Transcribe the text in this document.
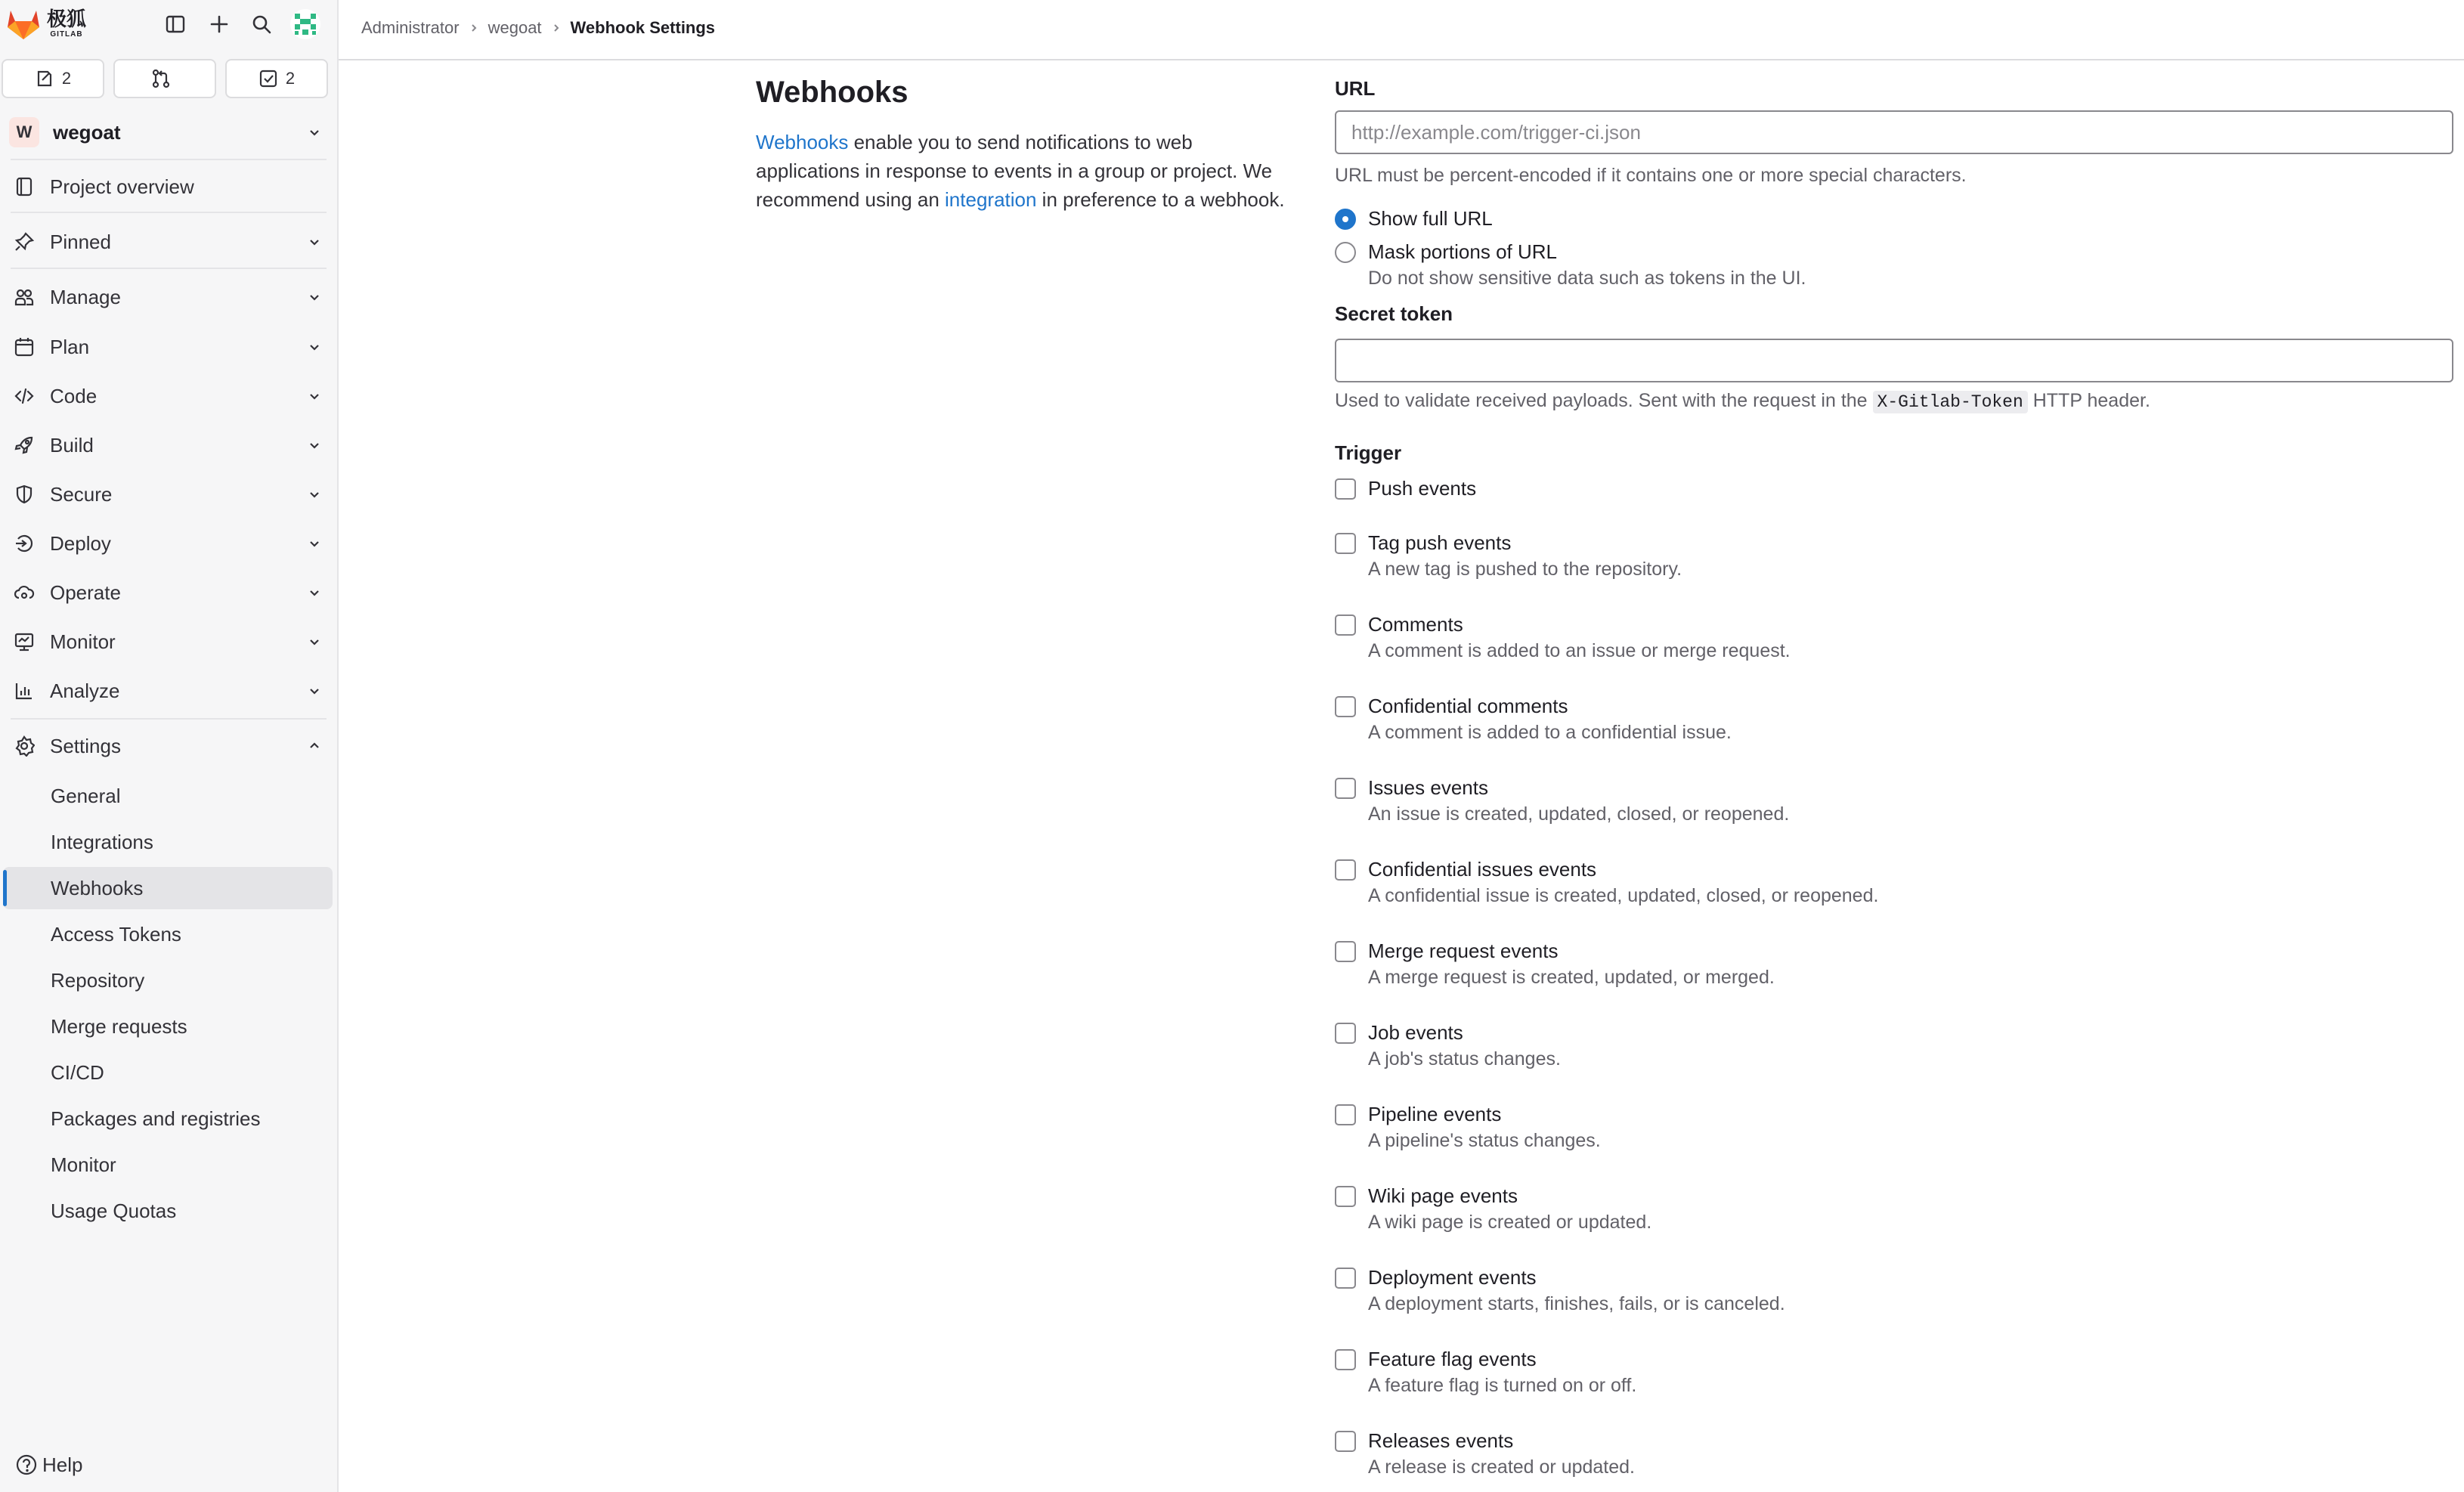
极狐
GITLAB
2	2
W	wegoat
Project overview
Pinned
Manage
Plan
Code
Build
Secure
Deploy
Operate
Monitor
Analyze
Settings
General
Integrations
Webhooks
Access Tokens
Repository
Merge requests
CI/CD
Packages and registries
Monitor
Usage Quotas
Help
Administrator wegoat Webhook Settings
Webhooks

Webhooks enable you to send notifications to web applications in response to events in a group or project. We recommend using an integration in preference to a webhook.

URL
http://example.com/trigger-ci.json
URL must be percent-encoded if it contains one or more special characters.
Show full URL
Mask portions of URL
Do not show sensitive data such as tokens in the UI.
Secret token
Used to validate received payloads. Sent with the request in the X-Gitlab-Token HTTP header.
Trigger
Push events
Tag push events
A new tag is pushed to the repository.
Comments
A comment is added to an issue or merge request.
Confidential comments
A comment is added to a confidential issue.
Issues events
An issue is created, updated, closed, or reopened.
Confidential issues events
A confidential issue is created, updated, closed, or reopened.
Merge request events
A merge request is created, updated, or merged.
Job events
A job's status changes.
Pipeline events
A pipeline's status changes.
Wiki page events
A wiki page is created or updated.
Deployment events
A deployment starts, finishes, fails, or is canceled.
Feature flag events
A feature flag is turned on or off.
Releases events
A release is created or updated.
